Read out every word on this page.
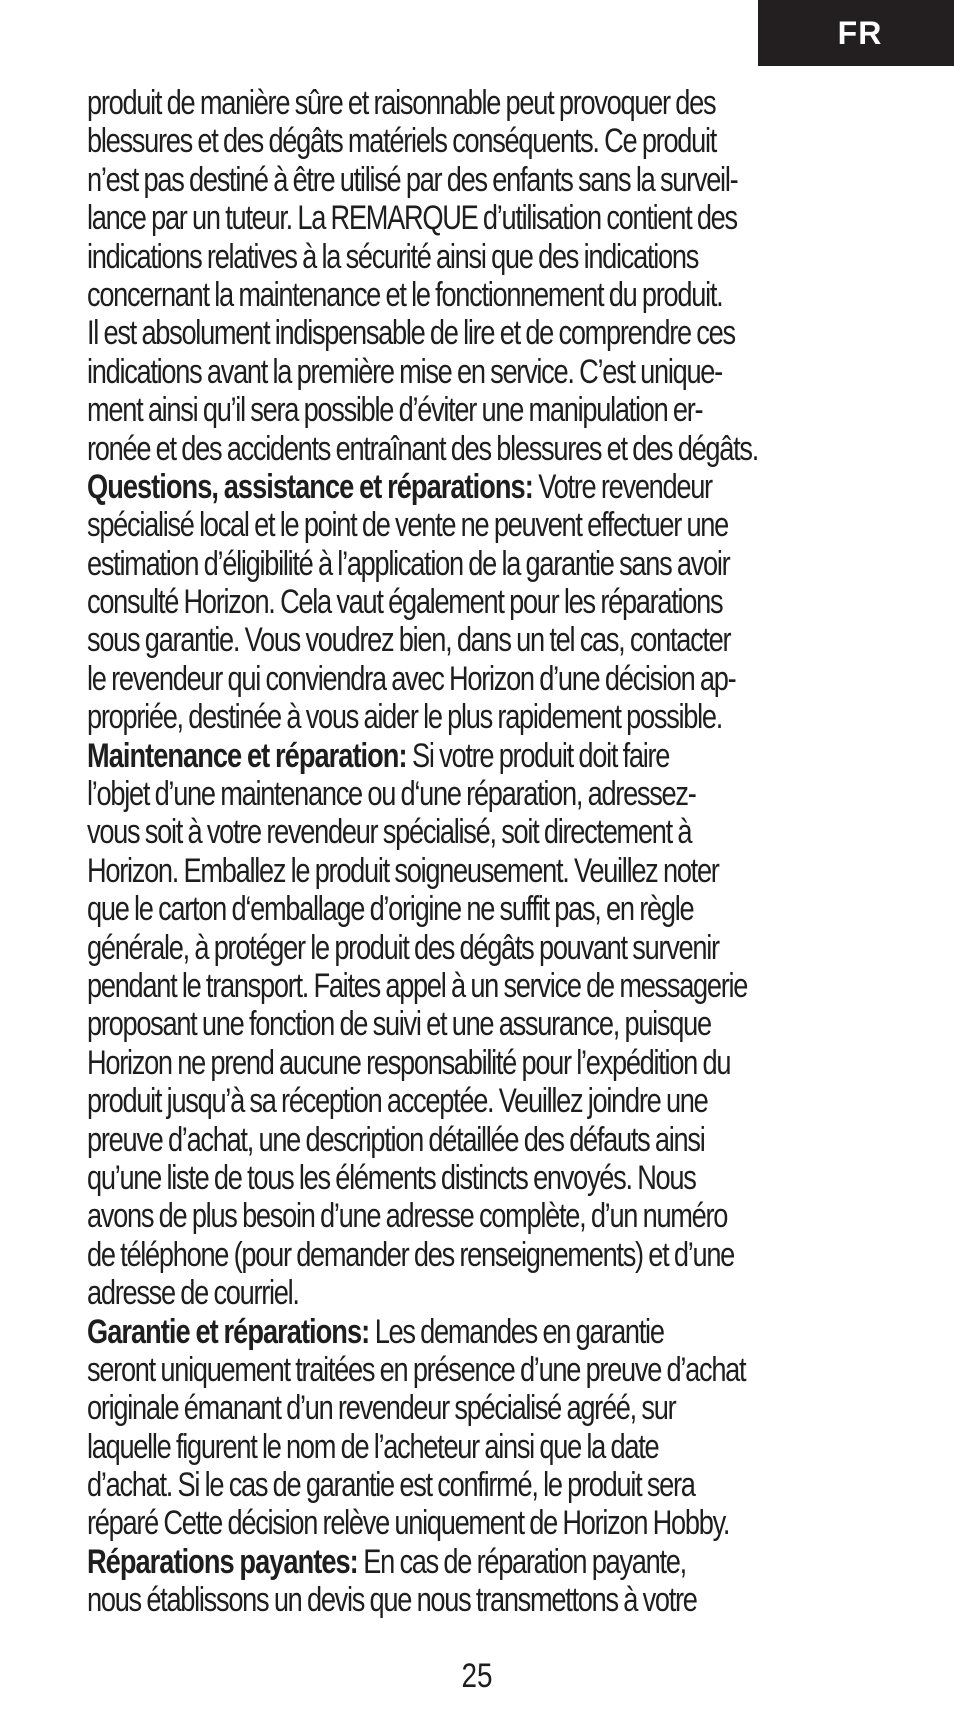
FR
produit de manière sûre et raisonnable peut provoquer des
blessures et des dégâts matériels conséquents. Ce produit
n’est pas destiné à être utilisé par des enfants sans la surveil-
lance par un tuteur. La REMARQUE d’utilisation contient des
indications relatives à la sécurité ainsi que des indications
concernant la maintenance et le fonctionnement du produit.
Il est absolument indispensable de lire et de comprendre ces
indications avant la première mise en service. C’est unique-
ment ainsi qu’il sera possible d’éviter une manipulation er-
ronée et des accidents entraînant des blessures et des dégâts.
Questions, assistance et réparations: Votre revendeur
spécialisé local et le point de vente ne peuvent effectuer une
estimation d’éligibilité à l’application de la garantie sans avoir
consulté Horizon. Cela vaut également pour les réparations
sous garantie. Vous voudrez bien, dans un tel cas, contacter
le revendeur qui conviendra avec Horizon d’une décision ap-
propriée, destinée à vous aider le plus rapidement possible.
Maintenance et réparation: Si votre produit doit faire
l’objet d’une maintenance ou d‘une réparation, adressez-
vous soit à votre revendeur spécialisé, soit directement à
Horizon. Emballez le produit soigneusement. Veuillez noter
que le carton d‘emballage d’origine ne suffit pas, en règle
générale, à protéger le produit des dégâts pouvant survenir
pendant le transport. Faites appel à un service de messagerie
proposant une fonction de suivi et une assurance, puisque
Horizon ne prend aucune responsabilité pour l’expédition du
produit jusqu’à sa réception acceptée. Veuillez joindre une
preuve d’achat, une description détaillée des défauts ainsi
qu’une liste de tous les éléments distincts envoyés. Nous
avons de plus besoin d’une adresse complète, d’un numéro
de téléphone (pour demander des renseignements) et d’une
adresse de courriel.
Garantie et réparations: Les demandes en garantie
seront uniquement traitées en présence d’une preuve d’achat
originale émanant d’un revendeur spécialisé agréé, sur
laquelle figurent le nom de l’acheteur ainsi que la date
d’achat. Si le cas de garantie est confirmé, le produit sera
réparé Cette décision relève uniquement de Horizon Hobby.
Réparations payantes: En cas de réparation payante,
nous établissons un devis que nous transmettons à votre
25
